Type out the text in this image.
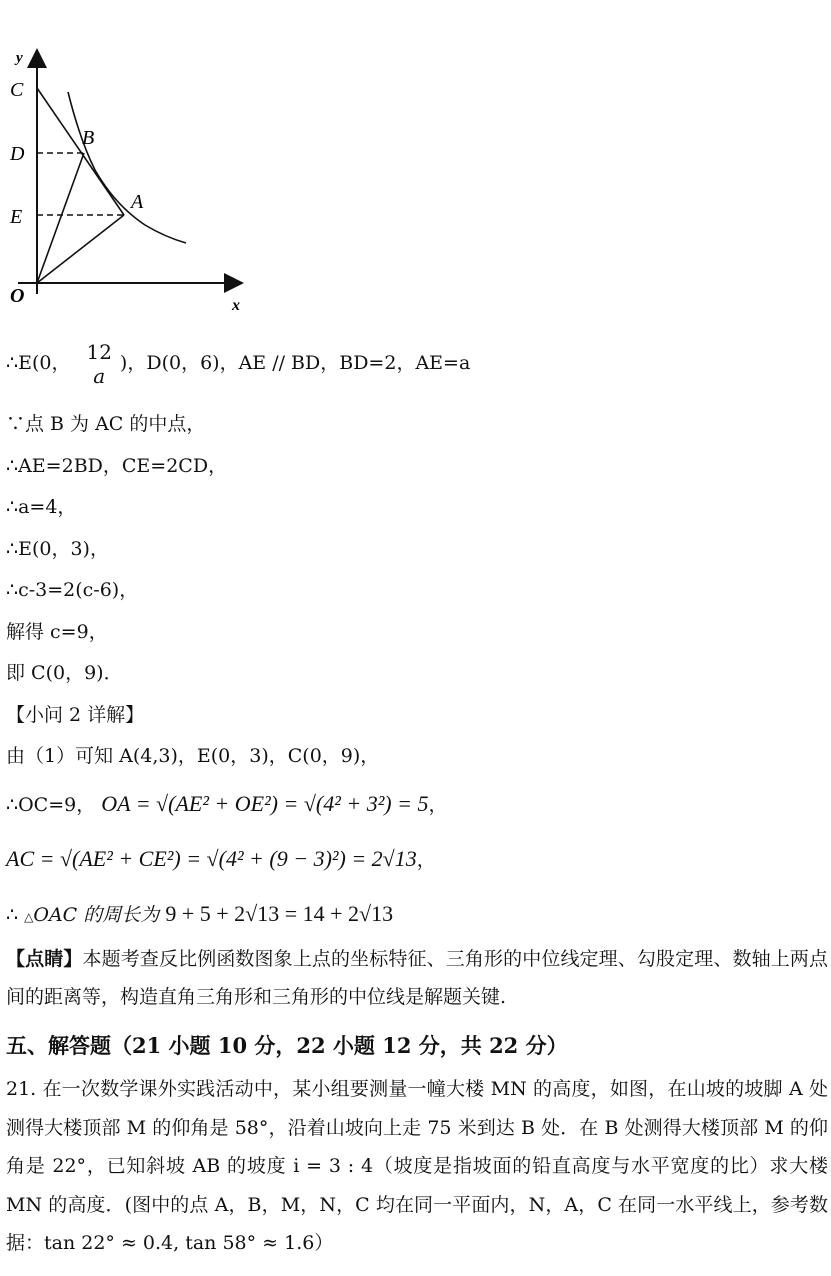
y
C
D
E
O
B
A
x
∴E(0， 12
a
)，D(0，6)，AE // BD，BD=2，AE=a
∵点 B 为 AC 的中点，
∴AE=2BD，CE=2CD，
∴a=4，
∴E(0，3)，
∴c-3=2(c-6)，
解得 c=9，
即 C(0，9)．
【小问 2 详解】
由（1）可知 A(4,3)，E(0，3)，C(0，9)，
∴OC=9， OA = √(AE² + OE²) = √(4² + 3²) = 5，
AC = √(AE² + CE²) = √(4² + (9 − 3)²) = 2√13，
∴ △OAC 的周长为 9 + 5 + 2√13 = 14 + 2√13
【点睛】本题考查反比例函数图象上点的坐标特征、三角形的中位线定理、勾股定理、数轴上两点间的距离等，构造直角三角形和三角形的中位线是解题关键.
五、解答题（21 小题 10 分，22 小题 12 分，共 22 分）
21. 在一次数学课外实践活动中，某小组要测量一幢大楼 MN 的高度，如图，在山坡的坡脚 A 处测得大楼顶部 M 的仰角是 58°，沿着山坡向上走 75 米到达 B 处．在 B 处测得大楼顶部 M 的仰角是 22°，已知斜坡 AB 的坡度 i = 3 : 4（坡度是指坡面的铅直高度与水平宽度的比）求大楼 MN 的高度．(图中的点 A，B，M，N，C 均在同一平面内，N，A，C 在同一水平线上，参考数据：tan 22° ≈ 0.4, tan 58° ≈ 1.6）
